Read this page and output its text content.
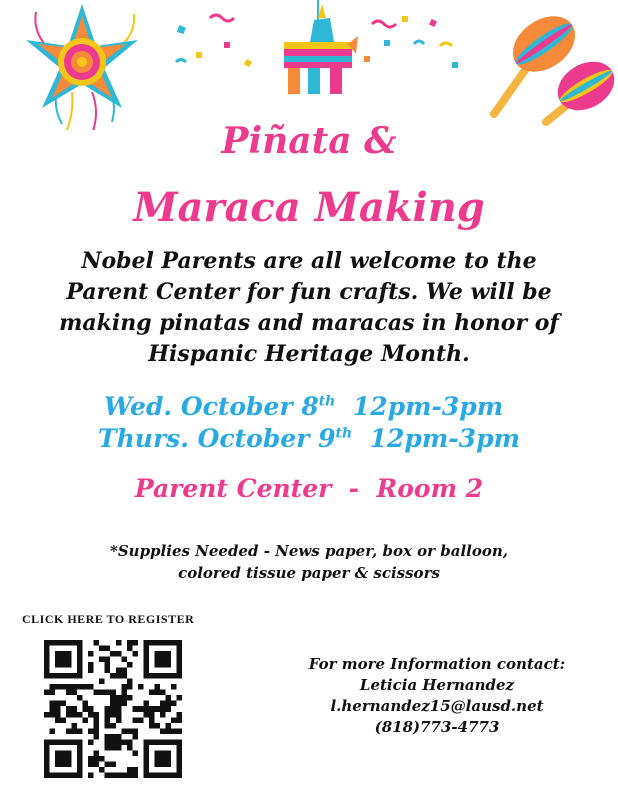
Piñata &
Maraca Making
Nobel Parents are all welcome to the Parent Center for fun crafts. We will be making pinatas and maracas in honor of Hispanic Heritage Month.
Wed. October 8th 12pm-3pm
Thurs. October 9th 12pm-3pm
Parent Center  -  Room 2
*Supplies Needed - News paper, box or balloon,
colored tissue paper & scissors
CLICK HERE TO REGISTER
For more Information contact:
Leticia Hernandez
l.hernandez15@lausd.net
(818)773-4773
